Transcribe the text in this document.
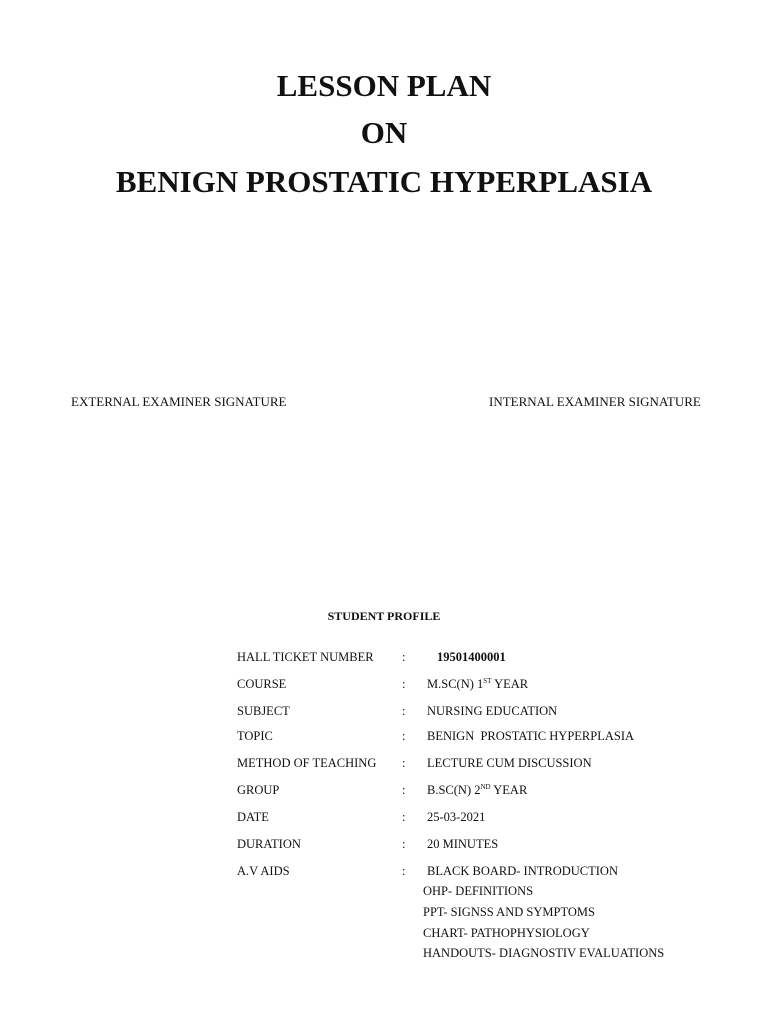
LESSON PLAN
ON
BENIGN PROSTATIC HYPERPLASIA
EXTERNAL EXAMINER SIGNATURE	INTERNAL EXAMINER SIGNATURE
STUDENT PROFILE
HALL TICKET NUMBER :	19501400001
COURSE	: M.SC(N) 1ST YEAR
SUBJECT	: NURSING EDUCATION
TOPIC	: BENIGN  PROSTATIC HYPERPLASIA
METHOD OF TEACHING : LECTURE CUM DISCUSSION
GROUP	: B.SC(N) 2ND YEAR
DATE	: 25-03-2021
DURATION	: 20 MINUTES
A.V AIDS	: BLACK BOARD- INTRODUCTION
OHP- DEFINITIONS
PPT- SIGNSS AND SYMPTOMS
CHART- PATHOPHYSIOLOGY
HANDOUTS- DIAGNOSTIV EVALUATIONS
